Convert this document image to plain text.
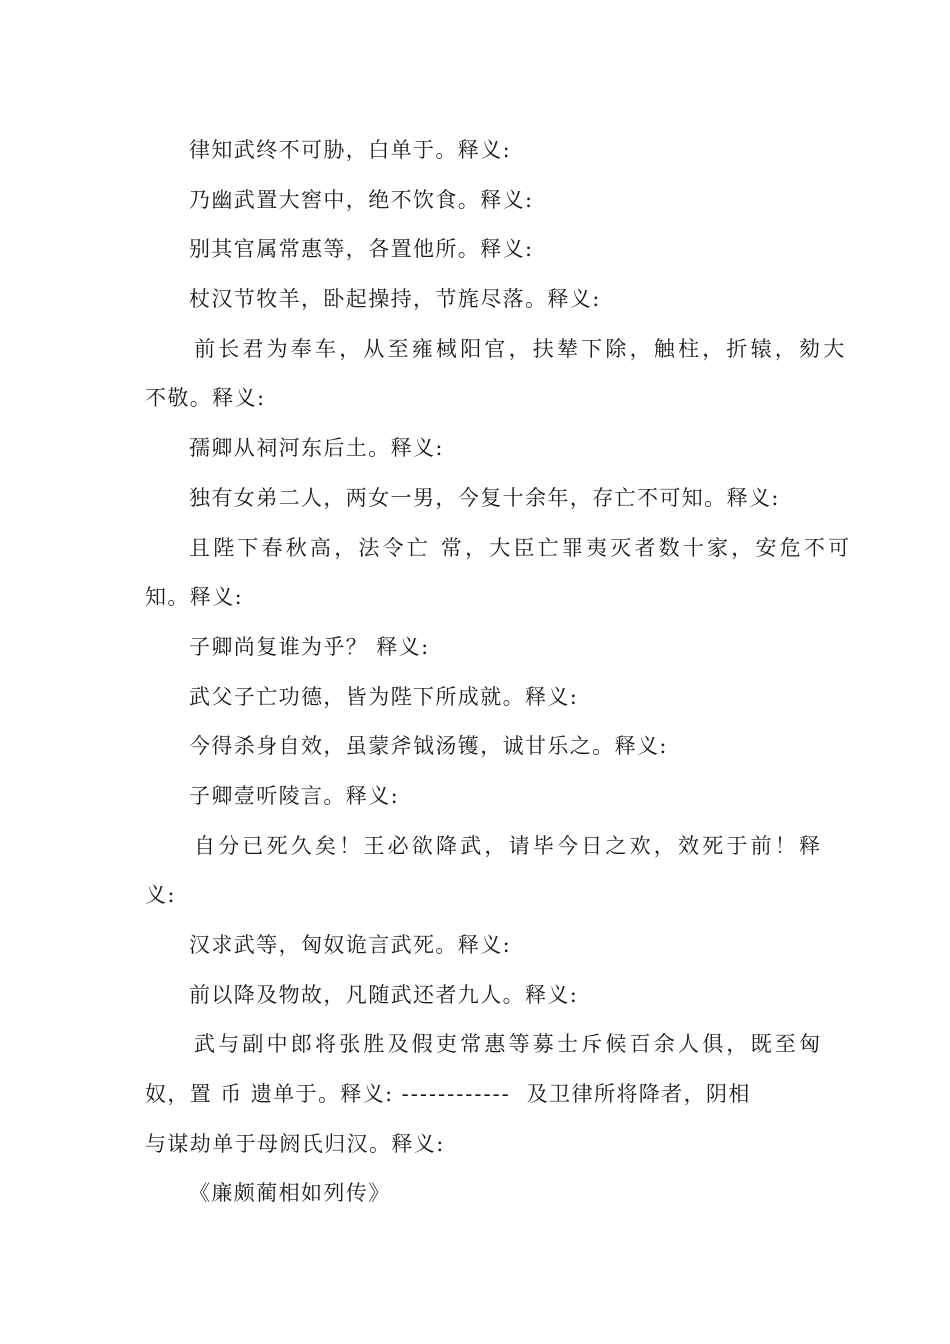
律知武终不可胁，白单于。释义:
乃幽武置大窖中，绝不饮食。释义:
别其官属常惠等，各置他所。释义:
杖汉节牧羊，卧起操持，节旄尽落。释义:
前长君为奉车，从至雍棫阳官，扶辇下除，触柱，折辕，劾大
不敬。释义:
孺卿从祠河东后土。释义:
独有女弟二人，两女一男，今复十余年，存亡不可知。释义:
且陛下春秋高，法令亡 常，大臣亡罪夷灭者数十家，安危不可
知。释义:
子卿尚复谁为乎？ 释义:
武父子亡功德，皆为陛下所成就。释义:
今得杀身自效，虽蒙斧钺汤镬，诚甘乐之。释义:
子卿壹听陵言。释义:
自分已死久矣！王必欲降武，请毕今日之欢，效死于前！释
义:
汉求武等，匈奴诡言武死。释义:
前以降及物故，凡随武还者九人。释义:
武与副中郎将张胜及假吏常惠等募士斥候百余人俱，既至匈
奴，置 币 遗单于。释义: ------------ 及卫律所将降者，阴相
与谋劫单于母阏氏归汉。释义:
《廉颇蔺相如列传》
